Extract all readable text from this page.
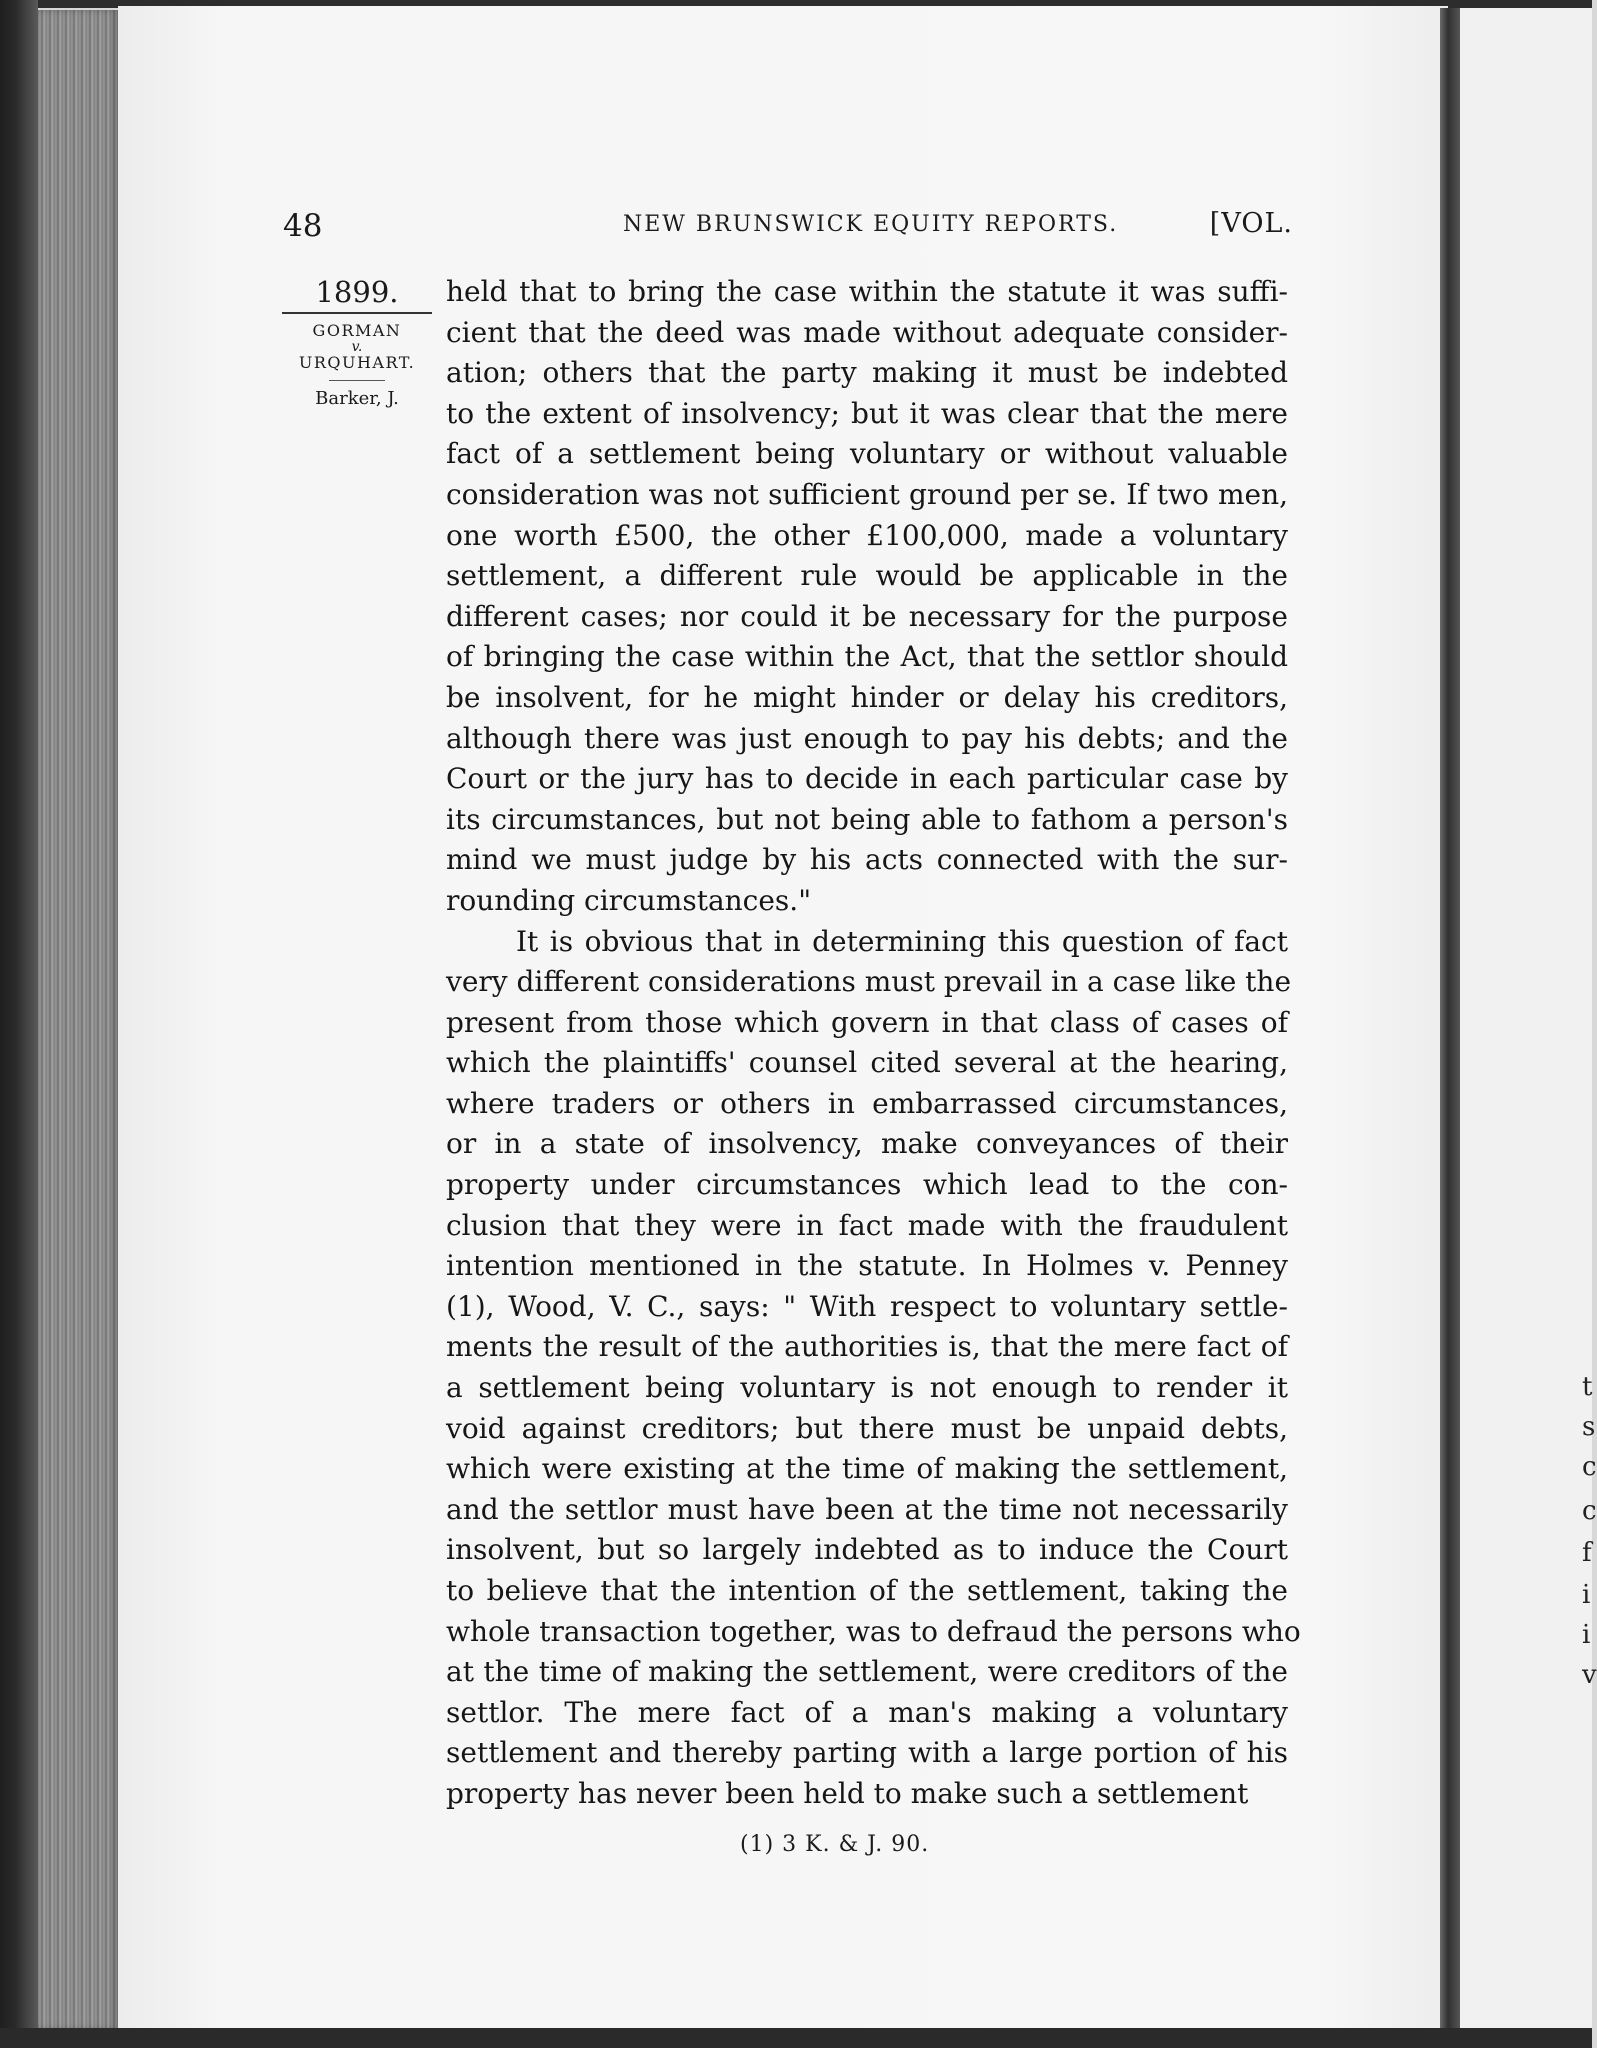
t
s
c
c
f
i
i
v
48	NEW BRUNSWICK EQUITY REPORTS.	[VOL.
1899.
GORMAN
v.
URQUHART.
Barker, J.
held that to bring the case within the statute it was suffi-
cient that the deed was made without adequate consider-
ation; others that the party making it must be indebted
to the extent of insolvency; but it was clear that the mere
fact of a settlement being voluntary or without valuable
consideration was not sufficient ground per se. If two men,
one worth £500, the other £100,000, made a voluntary
settlement, a different rule would be applicable in the
different cases; nor could it be necessary for the purpose
of bringing the case within the Act, that the settlor should
be insolvent, for he might hinder or delay his creditors,
although there was just enough to pay his debts; and the
Court or the jury has to decide in each particular case by
its circumstances, but not being able to fathom a person's
mind we must judge by his acts connected with the sur-
rounding circumstances."
It is obvious that in determining this question of fact
very different considerations must prevail in a case like the
present from those which govern in that class of cases of
which the plaintiffs' counsel cited several at the hearing,
where traders or others in embarrassed circumstances,
or in a state of insolvency, make conveyances of their
property under circumstances which lead to the con-
clusion that they were in fact made with the fraudulent
intention mentioned in the statute. In Holmes v. Penney
(1), Wood, V. C., says: " With respect to voluntary settle-
ments the result of the authorities is, that the mere fact of
a settlement being voluntary is not enough to render it
void against creditors; but there must be unpaid debts,
which were existing at the time of making the settlement,
and the settlor must have been at the time not necessarily
insolvent, but so largely indebted as to induce the Court
to believe that the intention of the settlement, taking the
whole transaction together, was to defraud the persons who
at the time of making the settlement, were creditors of the
settlor. The mere fact of a man's making a voluntary
settlement and thereby parting with a large portion of his
property has never been held to make such a settlement
(1) 3 K. & J. 90.
